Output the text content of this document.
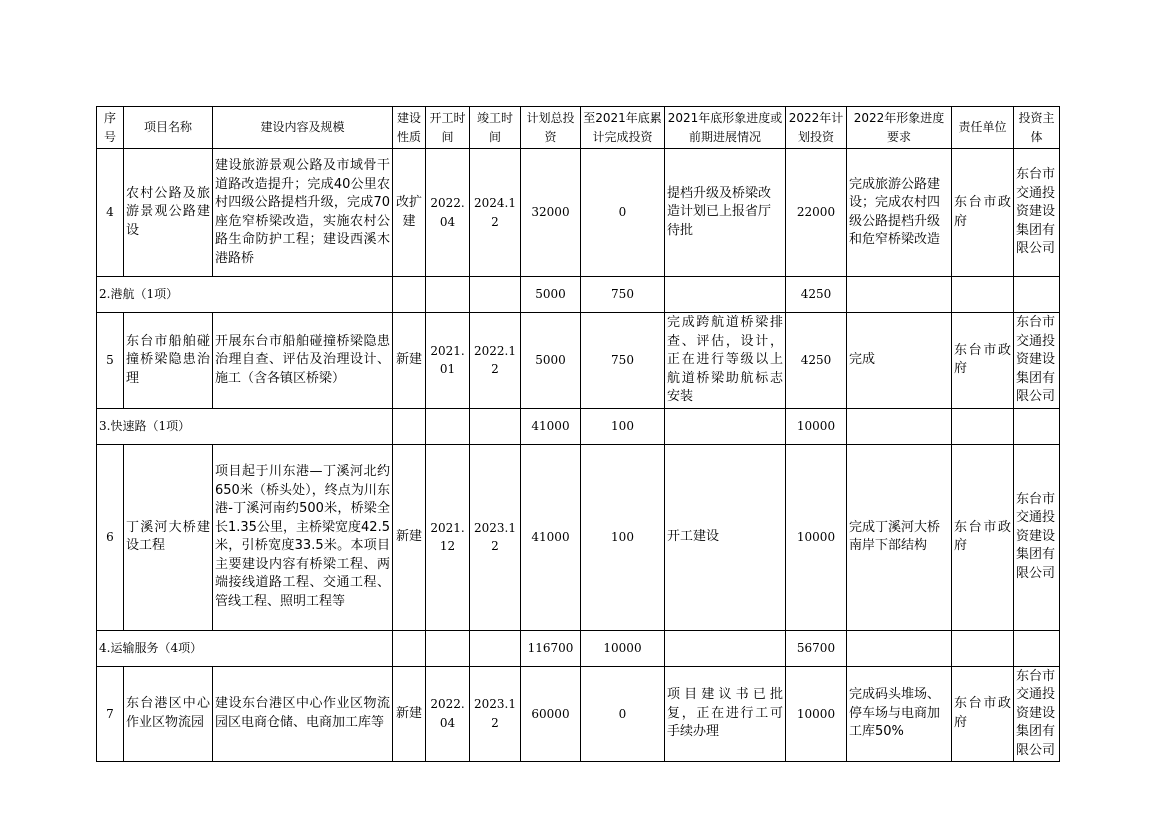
序号	项目名称	建设内容及规模	建设性质	开工时间	竣工时间	计划总投资	至2021年底累计完成投资	2021年底形象进度或前期进展情况	2022年计划投资	2022年形象进度要求	责任单位	投资主体
4	农村公路及旅游景观公路建设	建设旅游景观公路及市域骨干道路改造提升；完成40公里农村四级公路提档升级，完成70座危窄桥梁改造，实施农村公路生命防护工程；建设西溪木港路桥	改扩建	2022.04	2024.12	32000	0	提档升级及桥梁改造计划已上报省厅待批	22000	完成旅游公路建设；完成农村四级公路提档升级和危窄桥梁改造	东台市政府	东台市交通投资建设集团有限公司
2.港航（1项）						5000	750		4250			
5	东台市船舶碰撞桥梁隐患治理	开展东台市船舶碰撞桥梁隐患治理自查、评估及治理设计、施工（含各镇区桥梁）	新建	2021.01	2022.12	5000	750	完成跨航道桥梁排查、评估，设计，正在进行等级以上航道桥梁助航标志安装	4250	完成	东台市政府	东台市交通投资建设集团有限公司
3.快速路（1项）						41000	100		10000			
6	丁溪河大桥建设工程	项目起于川东港—丁溪河北约650米（桥头处），终点为川东港-丁溪河南约500米，桥梁全长1.35公里，主桥梁宽度42.5米，引桥宽度33.5米。本项目主要建设内容有桥梁工程、两端接线道路工程、交通工程、管线工程、照明工程等	新建	2021.12	2023.12	41000	100	开工建设	10000	完成丁溪河大桥南岸下部结构	东台市政府	东台市交通投资建设集团有限公司
4.运输服务（4项）						116700	10000		56700			
7	东台港区中心作业区物流园	建设东台港区中心作业区物流园区电商仓储、电商加工库等	新建	2022.04	2023.12	60000	0	项目建议书已批复，正在进行工可手续办理	10000	完成码头堆场、停车场与电商加工库50%	东台市政府	东台市交通投资建设集团有限公司
